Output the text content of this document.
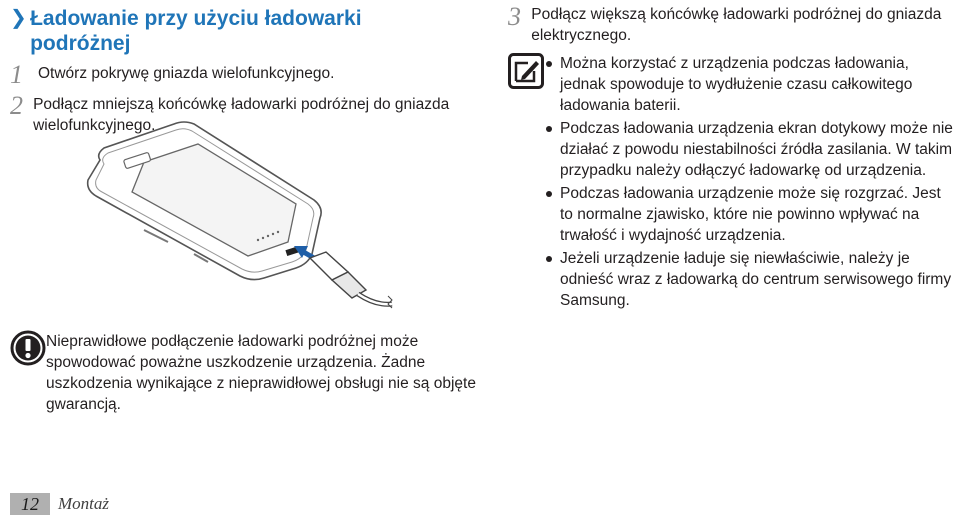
❯ Ładowanie przy użyciu ładowarki podróżnej
1 Otwórz pokrywę gniazda wielofunkcyjnego.
2 Podłącz mniejszą końcówkę ładowarki podróżnej do gniazda wielofunkcyjnego.
Nieprawidłowe podłączenie ładowarki podróżnej może spowodować poważne uszkodzenie urządzenia. Żadne uszkodzenia wynikające z nieprawidłowej obsługi nie są objęte gwarancją.
3 Podłącz większą końcówkę ładowarki podróżnej do gniazda elektrycznego.
Można korzystać z urządzenia podczas ładowania, jednak spowoduje to wydłużenie czasu całkowitego ładowania baterii.
Podczas ładowania urządzenia ekran dotykowy może nie działać z powodu niestabilności źródła zasilania. W takim przypadku należy odłączyć ładowarkę od urządzenia.
Podczas ładowania urządzenie może się rozgrzać. Jest to normalne zjawisko, które nie powinno wpływać na trwałość i wydajność urządzenia.
Jeżeli urządzenie ładuje się niewłaściwie, należy je odnieść wraz z ładowarką do centrum serwisowego firmy Samsung.
12	Montaż
